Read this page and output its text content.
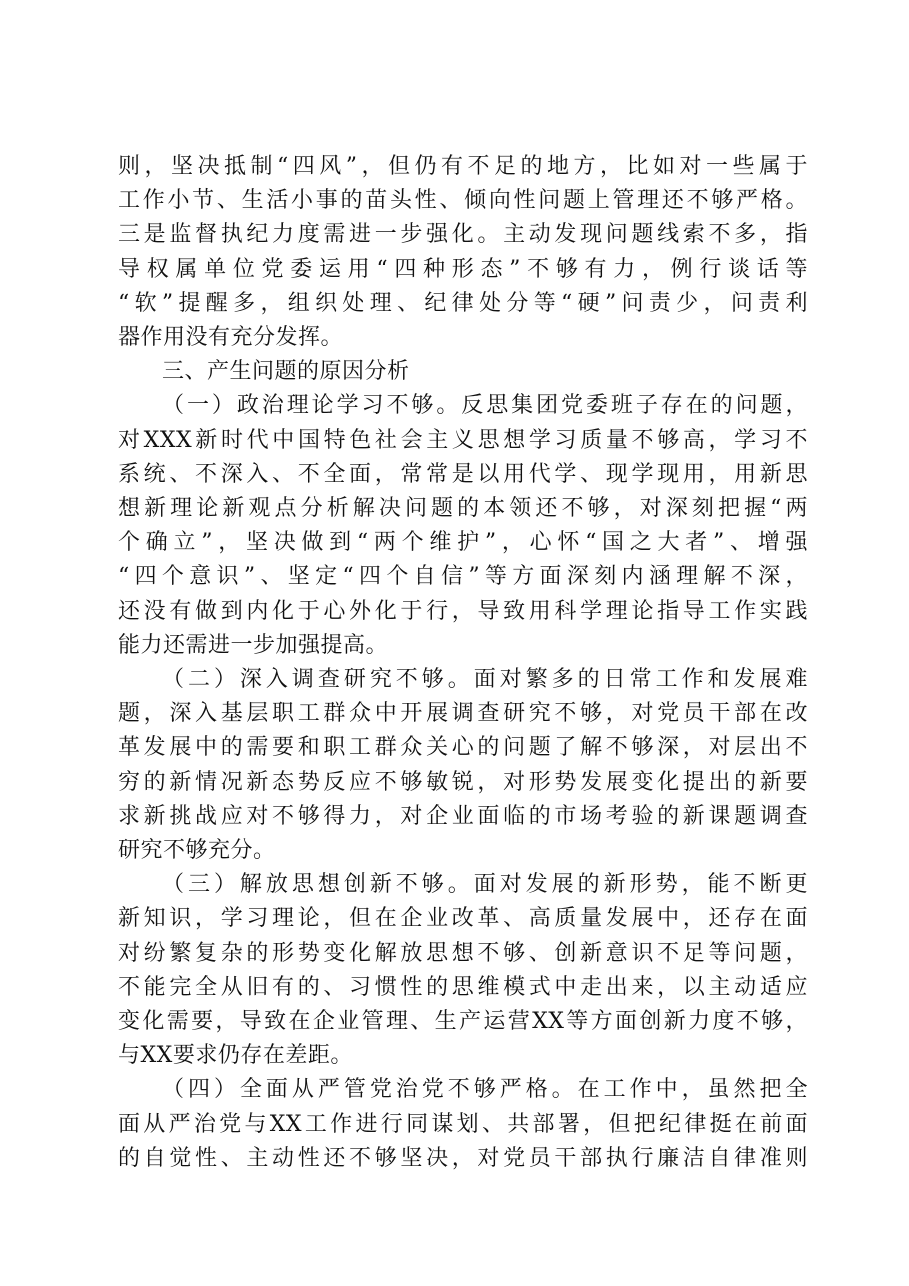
则，坚决抵制“四风”，但仍有不足的地方，比如对一些属于
工作小节、生活小事的苗头性、倾向性问题上管理还不够严格。
三是监督执纪力度需进一步强化。主动发现问题线索不多，指
导权属单位党委运用“四种形态”不够有力，例行谈话等
“软”提醒多，组织处理、纪律处分等“硬”问责少，问责利
器作用没有充分发挥。
三、产生问题的原因分析
（一）政治理论学习不够。反思集团党委班子存在的问题，
对XXX新时代中国特色社会主义思想学习质量不够高，学习不
系统、不深入、不全面，常常是以用代学、现学现用，用新思
想新理论新观点分析解决问题的本领还不够，对深刻把握“两
个确立”，坚决做到“两个维护”，心怀“国之大者”、增强
“四个意识”、坚定“四个自信”等方面深刻内涵理解不深，
还没有做到内化于心外化于行，导致用科学理论指导工作实践
能力还需进一步加强提高。
（二）深入调查研究不够。面对繁多的日常工作和发展难
题，深入基层职工群众中开展调查研究不够，对党员干部在改
革发展中的需要和职工群众关心的问题了解不够深，对层出不
穷的新情况新态势反应不够敏锐，对形势发展变化提出的新要
求新挑战应对不够得力，对企业面临的市场考验的新课题调查
研究不够充分。
（三）解放思想创新不够。面对发展的新形势，能不断更
新知识，学习理论，但在企业改革、高质量发展中，还存在面
对纷繁复杂的形势变化解放思想不够、创新意识不足等问题，
不能完全从旧有的、习惯性的思维模式中走出来，以主动适应
变化需要，导致在企业管理、生产运营XX等方面创新力度不够，
与XX要求仍存在差距。
（四）全面从严管党治党不够严格。在工作中，虽然把全
面从严治党与XX工作进行同谋划、共部署，但把纪律挺在前面
的自觉性、主动性还不够坚决，对党员干部执行廉洁自律准则
